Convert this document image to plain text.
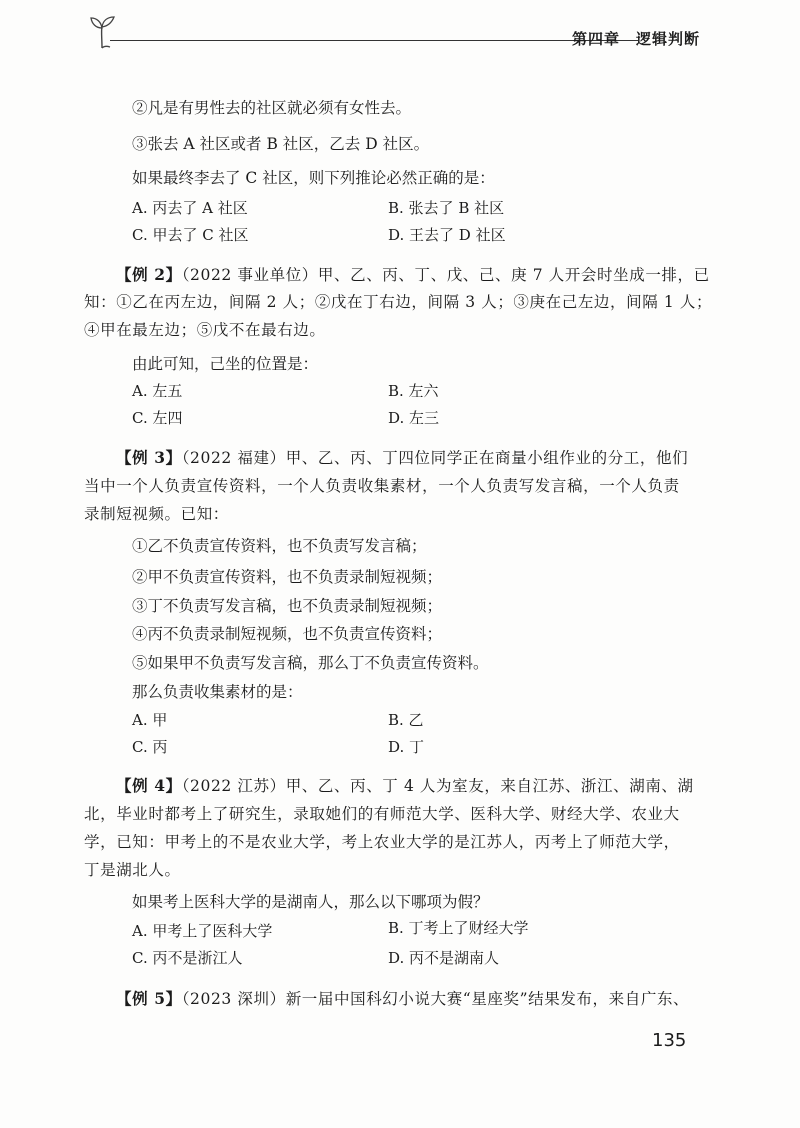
第四章 逻辑判断
②凡是有男性去的社区就必须有女性去。
③张去 A 社区或者 B 社区，乙去 D 社区。
如果最终李去了 C 社区，则下列推论必然正确的是：
A. 丙去了 A 社区	B. 张去了 B 社区
C. 甲去了 C 社区	D. 王去了 D 社区
【例 2】（2022 事业单位）甲、乙、丙、丁、戊、己、庚 7 人开会时坐成一排，已
知：①乙在丙左边，间隔 2 人；②戊在丁右边，间隔 3 人；③庚在己左边，间隔 1 人；
④甲在最左边；⑤戊不在最右边。
由此可知，己坐的位置是：
A. 左五	B. 左六
C. 左四	D. 左三
【例 3】（2022 福建）甲、乙、丙、丁四位同学正在商量小组作业的分工，他们
当中一个人负责宣传资料，一个人负责收集素材，一个人负责写发言稿，一个人负责
录制短视频。已知：
①乙不负责宣传资料，也不负责写发言稿；
②甲不负责宣传资料，也不负责录制短视频；
③丁不负责写发言稿，也不负责录制短视频；
④丙不负责录制短视频，也不负责宣传资料；
⑤如果甲不负责写发言稿，那么丁不负责宣传资料。
那么负责收集素材的是：
A. 甲	B. 乙
C. 丙	D. 丁
【例 4】（2022 江苏）甲、乙、丙、丁 4 人为室友，来自江苏、浙江、湖南、湖
北，毕业时都考上了研究生，录取她们的有师范大学、医科大学、财经大学、农业大
学，已知：甲考上的不是农业大学，考上农业大学的是江苏人，丙考上了师范大学，
丁是湖北人。
如果考上医科大学的是湖南人，那么以下哪项为假？
A. 甲考上了医科大学	B. 丁考上了财经大学
C. 丙不是浙江人	D. 丙不是湖南人
【例 5】（2023 深圳）新一届中国科幻小说大赛“星座奖”结果发布，来自广东、
135
